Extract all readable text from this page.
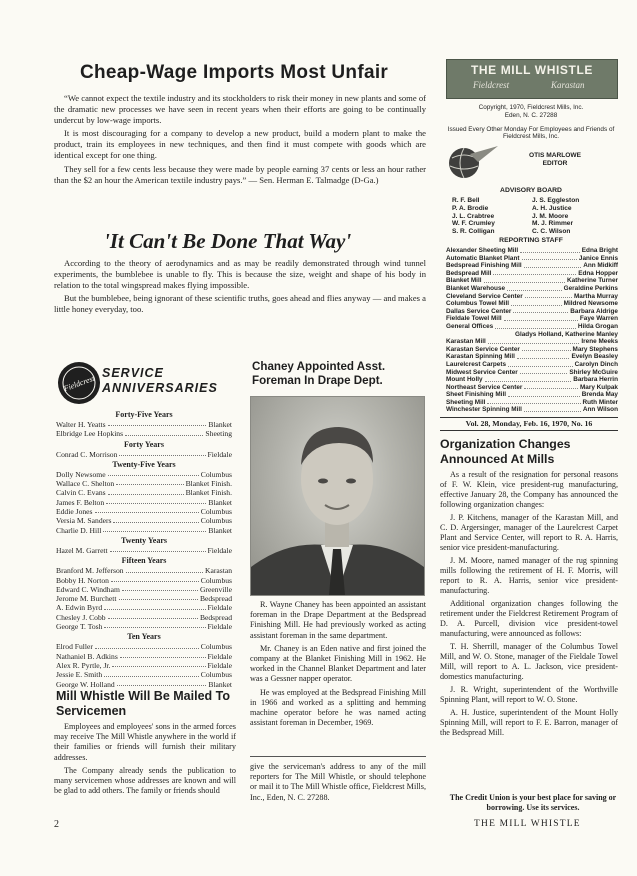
Cheap-Wage Imports Most Unfair

“We cannot expect the textile industry and its stockholders to risk their money in new plants and some of the dramatic new processes we have seen in recent years when their efforts are going to be continually undercut by low-wage imports.

It is most discouraging for a company to develop a new product, build a modern plant to make the product, train its employees in new techniques, and then find it must compete with goods which are identical except for one thing.

They sell for a few cents less because they were made by people earning 37 cents or less an hour rather than the $2 an hour the American textile industry pays.” — Sen. Herman E. Talmadge (D-Ga.)

'It Can't Be Done That Way'

According to the theory of aerodynamics and as may be readily demonstrated through wind tunnel experiments, the bumblebee is unable to fly. This is because the size, weight and shape of his body in relation to the total wingspread makes flying impossible.

But the bumblebee, being ignorant of these scientific truths, goes ahead and flies anyway — and makes a little honey everyday, too.

Fieldcrest
SERVICE
ANNIVERSARIES
Forty-Five Years
Walter H. Yeatts	Blanket
Elbridge Lee Hopkins	Sheeting
Forty Years
Conrad C. Morrison	Fieldale
Twenty-Five Years
Dolly Newsome	Columbus
Wallace C. Shelton	Blanket Finish.
Calvin C. Evans	Blanket Finish.
James F. Belton	Blanket
Eddie Jones	Columbus
Versia M. Sanders	Columbus
Charlie D. Hill	Blanket
Twenty Years
Hazel M. Garrett	Fieldale
Fifteen Years
Branford M. Jefferson	Karastan
Bobby H. Norton	Columbus
Edward C. Windham	Greenville
Jerome M. Burchett	Bedspread
A. Edwin Byrd	Fieldale
Chesley J. Cobb	Bedspread
George T. Tosh	Fieldale
Ten Years
Elrod Fuller	Columbus
Nathaniel B. Adkins	Fieldale
Alex R. Pyrtle, Jr.	Fieldale
Jessie E. Smith	Columbus
George W. Holland	Blanket
Mill Whistle Will Be Mailed To Servicemen

Employees and employees' sons in the armed forces may receive The Mill Whistle anywhere in the world if their families or friends will furnish their military addresses.

The Company already sends the publication to many servicemen whose addresses are known and will be glad to add others. The family or friends should

Chaney Appointed Asst. Foreman In Drape Dept.

R. Wayne Chaney has been appointed an assistant foreman in the Drape Department at the Bedspread Finishing Mill. He had previously worked as acting assistant foreman in the same department.

Mr. Chaney is an Eden native and first joined the company at the Blanket Finishing Mill in 1962. He worked in the Channel Blanket Department and later was a Gessner napper operator.

He was employed at the Bedspread Finishing Mill in 1966 and worked as a splitting and hemming machine operator before he was named acting assistant foreman in December, 1969.

give the serviceman's address to any of the mill reporters for The Mill Whistle, or should telephone or mail it to The Mill Whistle office, Fieldcrest Mills, Inc., Eden, N. C. 27288.
THE MILL WHISTLE
Fieldcrest	Karastan
Copyright, 1970, Fieldcrest Mills, Inc.
Eden, N. C. 27288
Issued Every Other Monday For Employees and Friends of Fieldcrest Mills, Inc.
OTIS MARLOWE
EDITOR
ADVISORY BOARD
R. F. Bell	J. S. Eggleston
P. A. Brodie	A. H. Justice
J. L. Crabtree	J. M. Moore
W. F. Crumley	M. J. Rimmer
S. R. Colligan	C. C. Wilson
REPORTING STAFF
Alexander Sheeting Mill	Edna Bright
Automatic Blanket Plant	Janice Ennis
Bedspread Finishing Mill	Ann Midkiff
Bedspread Mill	Edna Hopper
Blanket Mill	Katherine Turner
Blanket Warehouse	Geraldine Perkins
Cleveland Service Center	Martha Murray
Columbus Towel Mill	Mildred Newsome
Dallas Service Center	Barbara Aldrige
Fieldale Towel Mill	Faye Warren
General Offices	Hilda Grogan
Gladys Holland, Katherine Manley
Karastan Mill	Irene Meeks
Karastan Service Center	Mary Stephens
Karastan Spinning Mill	Evelyn Beasley
Laurelcrest Carpets	Carolyn Dinch
Midwest Service Center	Shirley McGuire
Mount Holly	Barbara Herrin
Northeast Service Center	Mary Kulpak
Sheet Finishing Mill	Brenda May
Sheeting Mill	Ruth Minter
Winchester Spinning Mill	Ann Wilson
Vol. 28, Monday, Feb. 16, 1970, No. 16
Organization Changes Announced At Mills

As a result of the resignation for personal reasons of F. W. Klein, vice president-rug manufacturing, effective January 28, the Company has announced the following organization changes:

J. P. Kitchens, manager of the Karastan Mill, and C. D. Argersinger, manager of the Laurelcrest Carpet Plant and Service Center, will report to R. A. Harris, senior vice president-manufacturing.

J. M. Moore, named manager of the rug spinning mills following the retirement of H. F. Morris, will report to R. A. Harris, senior vice president-manufacturing.

Additional organization changes following the retirement under the Fieldcrest Retirement Program of D. A. Purcell, division vice president-towel manufacturing, were announced as follows:

T. H. Sherrill, manager of the Columbus Towel Mill, and W. O. Stone, manager of the Fieldale Towel Mill, will report to A. L. Jackson, vice president-domestics manufacturing.

J. R. Wright, superintendent of the Worthville Spinning Plant, will report to W. O. Stone.

A. H. Justice, superintendent of the Mount Holly Spinning Mill, will report to F. E. Barron, manager of the Bedspread Mill.

The Credit Union is your best place for saving or borrowing. Use its services.
2	THE MILL WHISTLE
